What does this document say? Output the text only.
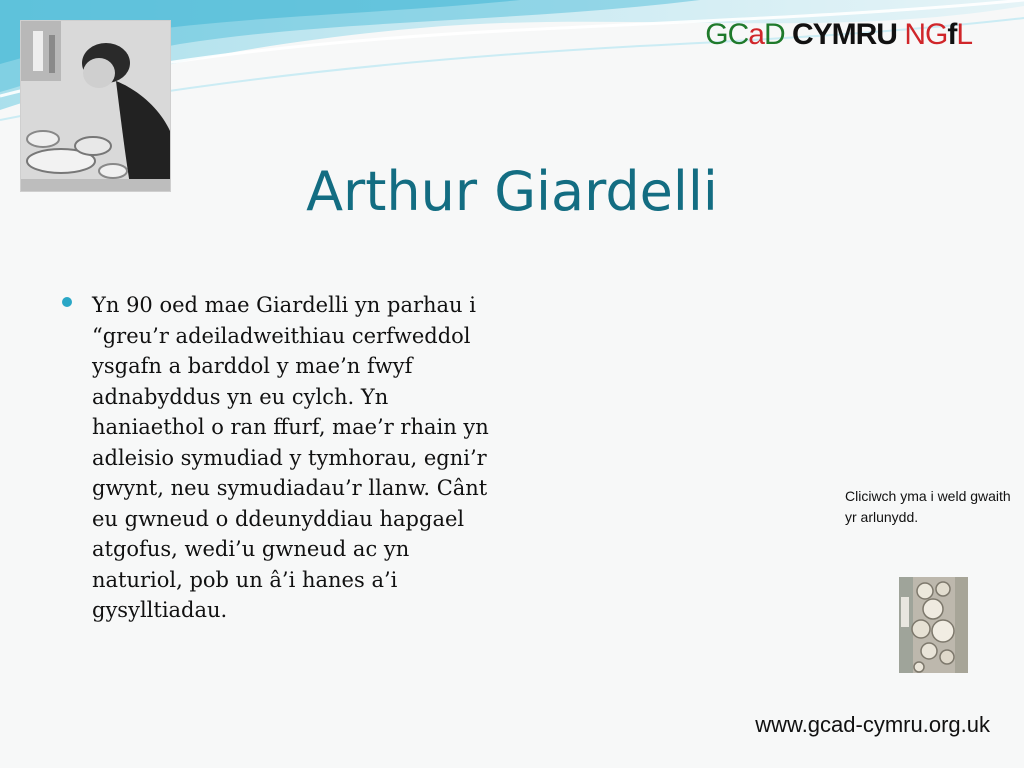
GCaD CYMRU NGfL
Arthur Giardelli
Yn 90 oed mae Giardelli yn parhau i “greu’r adeiladweithiau cerfweddol ysgafn a barddol y mae’n fwyf adnabyddus yn eu cylch. Yn haniaethol o ran ffurf, mae’r rhain yn adleisio symudiad y tymhorau, egni’r gwynt, neu symudiadau’r llanw. Cânt eu gwneud o ddeunyddiau hapgael atgofus, wedi’u gwneud ac yn naturiol, pob un â’i hanes a’i gysylltiadau.
Cliciwch yma i weld gwaith yr arlunydd.
www.gcad-cymru.org.uk
